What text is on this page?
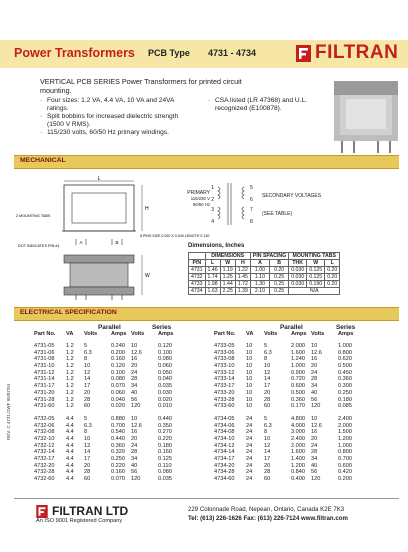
Power Transformers PCB Type 4731 - 4734	FILTRAN
VERTICAL PCB SERIES Power Transformers for printed circuit mounting.
· Four sizes: 1.2 VA, 4.4 VA, 10 VA and 24VA ratings.
· Split bobbins for increased dielectric strength (1500 V RMS).
· 115/230 volts, 60/50 Hz primary windings.
· CSA listed (LR 47368) and U.L. recognized (E100878).
MECHANICAL
L
H
2 MOUNTING TABS
A	B
8 PINS SIZE 0.020 X 0.040 LENGTH 0.130
DOT INDICATES PIN #1
W
1
2
3
4
5
6
7
8
PRIMARY
115/230 V
60/50 Hz
SECONDARY VOLTAGES
(SEE TABLE)
Dimensions, Inches
	DIMENSIONS			PIN SPACING		MOUNTING TABS		
P/N	L	W	H	A	B	THK	W	L
4731	1.46	1.19	1.22	1.00	0.20	0.030	0.125	0.20
4732	1.74	1.25	1.45	1.10	0.25	0.030	0.125	0.20
4733	1.98	1.44	1.72	1.30	0.25	0.030	0.190	0.20
4734	1.63	2.25	1.39	2.10	0.25	N/A		
ELECTRICAL SPECIFICATION
Parallel	Series
Part No.	VA	Volts	Amps Volts	Amps
Parallel	Series
Part No.	VA	Volts	Amps Volts	Amps
4731-05	1.2	5	0.240	10	0.120
4731-06	1.2	6.3	0.200	12.6	0.100
4731-08	1.2	8	0.160	16	0.080
4731-10	1.2	10	0.120	20	0.060
4731-12	1.2	12	0.100	24	0.050
4731-14	1.2	14	0.080	28	0.040
4731-17	1.2	17	0.070	34	0.035
4731-20	1.2	20	0.060	40	0.030
4731-28	1.2	28	0.040	56	0.020
4731-60	1.2	60	0.020	120	0.010
4732-05	4.4	5	0.880	10	0.440
4732-06	4.4	6.3	0.700	12.6	0.350
4732-08	4.4	8	0.540	16	0.270
4732-10	4.4	10	0.440	20	0.220
4732-12	4.4	12	0.360	24	0.180
4732-14	4.4	14	0.320	28	0.160
4732-17	4.4	17	0.250	34	0.125
4732-20	4.4	20	0.220	40	0.110
4732-28	4.4	28	0.160	56	0.080
4732-60	4.4	60	0.070	120	0.035
4733-05	10	5	2.000	10	1.000
4733-06	10	6.3	1.600	12.6	0.800
4733-08	10	8	1.240	16	0.620
4733-10	10	10	1.000	20	0.500
4733-12	10	12	0.900	24	0.450
4733-14	10	14	0.720	28	0.360
4733-17	10	17	0.600	34	0.300
4733-20	10	20	0.500	40	0.250
4733-28	10	28	0.360	56	0.180
4733-60	10	60	0.170	120	0.085
4734-05	24	5	4.800	10	2.400
4734-06	24	6.3	4.000	12.6	2.000
4734-08	24	8	3.000	16	1.500
4734-10	24	10	2.400	20	1.200
4734-12	24	12	2.000	24	1.000
4734-14	24	14	1.600	28	0.800
4734-17	24	17	1.400	34	0.700
4734-20	24	20	1.200	40	0.600
4734-28	24	28	0.840	56	0.420
4734-60	24	60	0.400	120	0.200
REV. C 4731.DWF 95/07/94
FILTRAN LTD
An ISO 9001 Registered Company
229 Colonnade Road, Nepean, Ontario, Canada K2E 7K3
Tel: (613) 226-1626 Fax: (613) 226-7124 www.filtran.com
